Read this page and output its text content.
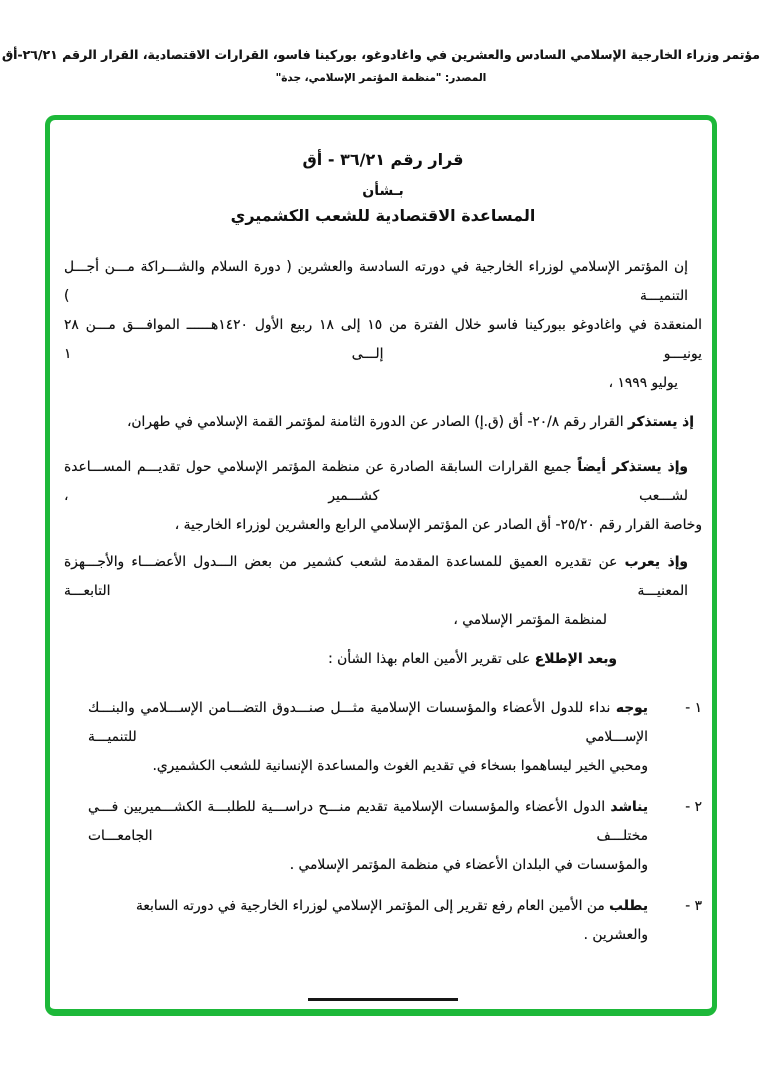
مؤتمر وزراء الخارجية الإسلامي السادس والعشرين في واغادوغو، بوركينا فاسو، القرارات الاقتصادية، القرار الرقم ٢٦/٢١-أق
المصدر: "منظمة المؤتمر الإسلامي، جدة"
قرار رقم ٣٦/٢١ - أق
بـشأن
المساعدة الاقتصادية للشعب الكشميري
إن المؤتمر الإسلامي لوزراء الخارجية في دورته السادسة والعشرين ( دورة السلام والشـــراكة مـــن أجـــل التنميـــة )
المنعقدة في واغادوغو ببوركينا فاسو خلال الفترة من ١٥ إلى ١٨ ربيع الأول ١٤٢٠هــــــ الموافـــق مـــن ٢٨ يونيـــو إلـــى ١
يوليو ١٩٩٩ ،
إذ يستذكر القرار رقم ٢٠/٨- أق (ق.إ) الصادر عن الدورة الثامنة لمؤتمر القمة الإسلامي في طهران،
وإذ يستذكر أيضاً جميع القرارات السابقة الصادرة عن منظمة المؤتمر الإسلامي حول تقديـــم المســـاعدة لشـــعب كشـــمير ،
وخاصة القرار رقم ٢٥/٢٠- أق الصادر عن المؤتمر الإسلامي الرابع والعشرين لوزراء الخارجية ،
وإذ يعرب عن تقديره العميق للمساعدة المقدمة لشعب كشمير من بعض الـــدول الأعضـــاء والأجـــهزة المعنيـــة التابعـــة
لمنظمة المؤتمر الإسلامي ،
وبعد الإطلاع على تقرير الأمين العام بهذا الشأن :
١ -
يوجه نداء للدول الأعضاء والمؤسسات الإسلامية مثـــل صنـــدوق التضـــامن الإســـلامي والبنـــك الإســـلامي للتنميـــة
ومحبي الخير ليساهموا بسخاء في تقديم الغوث والمساعدة الإنسانية للشعب الكشميري.
٢ -
يناشد الدول الأعضاء والمؤسسات الإسلامية تقديم منـــح دراســـية للطلبـــة الكشـــميريين فـــي مختلـــف الجامعـــات
والمؤسسات في البلدان الأعضاء في منظمة المؤتمر الإسلامي .
٣ -
يطلب من الأمين العام رفع تقرير إلى المؤتمر الإسلامي لوزراء الخارجية في دورته السابعة والعشرين .
